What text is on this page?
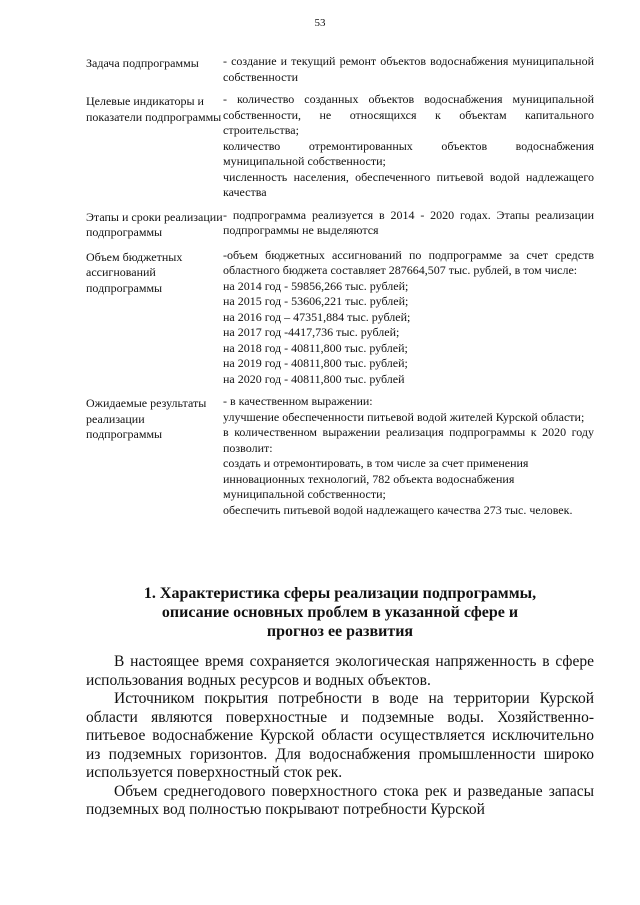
53
Задача подпрограммы	- создание и текущий ремонт объектов водоснабжения муниципальной собственности
Целевые индикаторы и показатели подпрограммы
- количество созданных объектов водоснабжения муниципальной собственности, не относящихся к объектам капитального строительства;
количество отремонтированных объектов водоснабжения муниципальной собственности;
численность населения, обеспеченного питьевой водой надлежащего качества
Этапы и сроки реализации подпрограммы
- подпрограмма реализуется в 2014 - 2020 годах. Этапы реализации подпрограммы не выделяются
Объем бюджетных ассигнований подпрограммы
-объем бюджетных ассигнований по подпрограмме за счет средств областного бюджета составляет 287664,507 тыс. рублей, в том числе:
на 2014 год - 59856,266 тыс. рублей;
на 2015 год - 53606,221 тыс. рублей;
на 2016 год – 47351,884 тыс. рублей;
на 2017 год -4417,736 тыс. рублей;
на 2018 год - 40811,800 тыс. рублей;
на 2019 год - 40811,800 тыс. рублей;
на 2020 год - 40811,800 тыс. рублей
Ожидаемые результаты реализации подпрограммы
- в качественном выражении:
улучшение обеспеченности питьевой водой жителей Курской области;
в количественном выражении реализация подпрограммы к 2020 году позволит:
создать и отремонтировать, в том числе за счет применения инновационных технологий, 782 объекта водоснабжения муниципальной собственности;
обеспечить питьевой водой надлежащего качества 273 тыс. человек.
1. Характеристика сферы реализации подпрограммы,
описание основных проблем в указанной сфере и
прогноз ее развития

В настоящее время сохраняется экологическая напряженность в сфере использования водных ресурсов и водных объектов.

Источником покрытия потребности в воде на территории Курской области являются поверхностные и подземные воды. Хозяйственно-питьевое водоснабжение Курской области осуществляется исключительно из подземных горизонтов. Для водоснабжения промышленности широко используется поверхностный сток рек.

Объем среднегодового поверхностного стока рек и разведаные запасы подземных вод полностью покрывают потребности Курской
